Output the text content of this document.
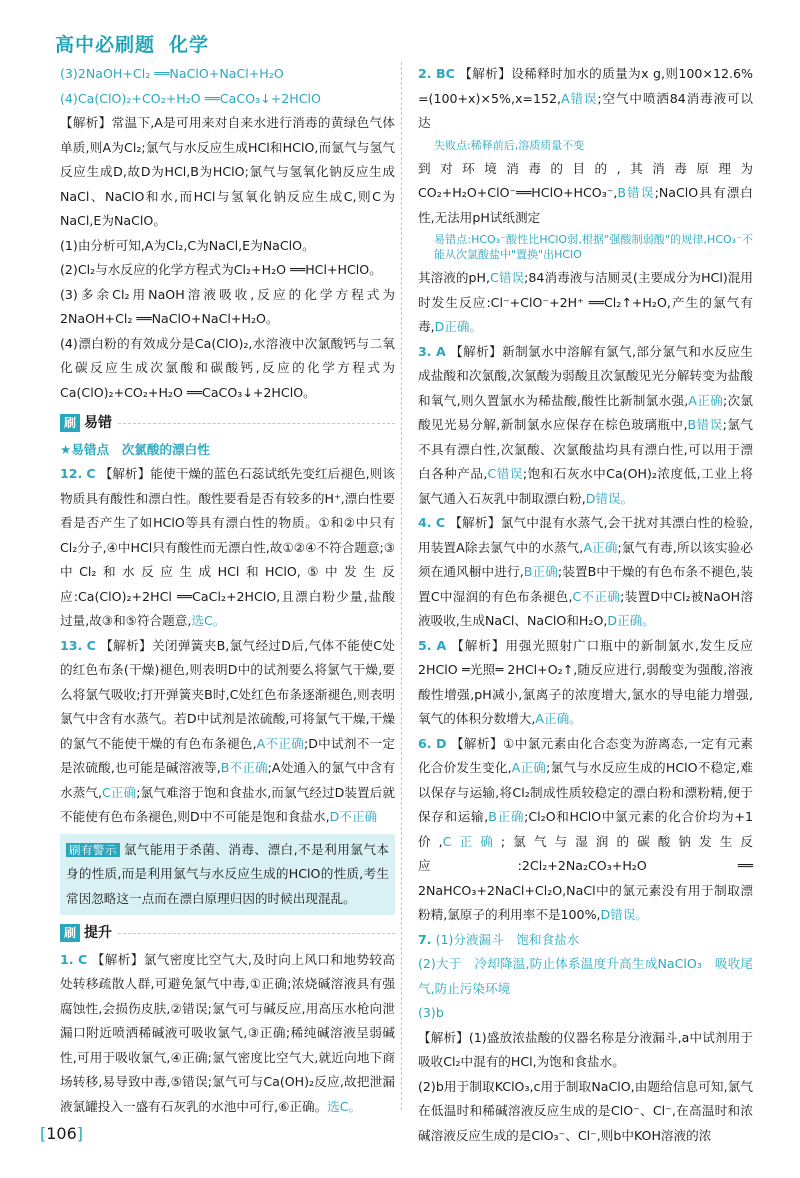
高中必刷题 化学

(3)2NaOH+Cl₂ ══NaClO+NaCl+H₂O

(4)Ca(ClO)₂+CO₂+H₂O ══CaCO₃↓+2HClO

【解析】常温下,A是可用来对自来水进行消毒的黄绿色气体单质,则A为Cl₂;氯气与水反应生成HCl和HClO,而氯气与氢气反应生成D,故D为HCl,B为HClO;氯气与氢氧化钠反应生成NaCl、NaClO和水,而HCl与氢氧化钠反应生成C,则C为NaCl,E为NaClO。

(1)由分析可知,A为Cl₂,C为NaCl,E为NaClO。

(2)Cl₂与水反应的化学方程式为Cl₂+H₂O ══HCl+HClO。

(3)多余Cl₂用NaOH溶液吸收,反应的化学方程式为2NaOH+Cl₂ ══NaClO+NaCl+H₂O。

(4)漂白粉的有效成分是Ca(ClO)₂,水溶液中次氯酸钙与二氧化碳反应生成次氯酸和碳酸钙,反应的化学方程式为Ca(ClO)₂+CO₂+H₂O ══CaCO₃↓+2HClO。

刷 易错

★易错点　次氯酸的漂白性

12. C 【解析】能使干燥的蓝色石蕊试纸先变红后褪色,则该物质具有酸性和漂白性。酸性要看是否有较多的H⁺,漂白性要看是否产生了如HClO等具有漂白性的物质。①和②中只有Cl₂分子,④中HCl只有酸性而无漂白性,故①②④不符合题意;③中Cl₂和水反应生成HCl和HClO,⑤中发生反应:Ca(ClO)₂+2HCl ══CaCl₂+2HClO,且漂白粉少量,盐酸过量,故③和⑤符合题意,选C。

13. C 【解析】关闭弹簧夹B,氯气经过D后,气体不能使C处的红色布条(干燥)褪色,则表明D中的试剂要么将氯气干燥,要么将氯气吸收;打开弹簧夹B时,C处红色布条逐渐褪色,则表明氯气中含有水蒸气。若D中试剂是浓硫酸,可将氯气干燥,干燥的氯气不能使干燥的有色布条褪色,A不正确;D中试剂不一定是浓硫酸,也可能是碱溶液等,B不正确;A处通入的氯气中含有水蒸气,C正确;氯气难溶于饱和食盐水,而氯气经过D装置后就不能使有色布条褪色,则D中不可能是饱和食盐水,D不正确

刷有警示 氯气能用于杀菌、消毒、漂白,不是利用氯气本身的性质,而是利用氯气与水反应生成的HClO的性质,考生常因忽略这一点而在漂白原理归因的时候出现混乱。
刷 提升

1. C 【解析】氯气密度比空气大,及时向上风口和地势较高处转移疏散人群,可避免氯气中毒,①正确;浓烧碱溶液具有强腐蚀性,会损伤皮肤,②错误;氯气可与碱反应,用高压水枪向泄漏口附近喷洒稀碱液可吸收氯气,③正确;稀纯碱溶液呈弱碱性,可用于吸收氯气,④正确;氯气密度比空气大,就近向地下商场转移,易导致中毒,⑤错误;氯气可与Ca(OH)₂反应,故把泄漏液氯罐投入一盛有石灰乳的水池中可行,⑥正确。选C。

2. BC 【解析】设稀释时加水的质量为x g,则100×12.6% =(100+x)×5%,x=152,A错误;空气中喷洒84消毒液可以达

失败点:稀释前后,溶质质量不变

到对环境消毒的目的,其消毒原理为CO₂+H₂O+ClO⁻══HClO+HCO₃⁻,B错误;NaClO具有漂白性,无法用pH试纸测定

易错点:HCO₃⁻酸性比HClO弱,根据"强酸制弱酸"的规律,HCO₃⁻不能从次氯酸盐中"置换"出HClO

其溶液的pH,C错误;84消毒液与洁厕灵(主要成分为HCl)混用时发生反应:Cl⁻+ClO⁻+2H⁺ ══Cl₂↑+H₂O,产生的氯气有毒,D正确。

3. A 【解析】新制氯水中溶解有氯气,部分氯气和水反应生成盐酸和次氯酸,次氯酸为弱酸且次氯酸见光分解转变为盐酸和氧气,则久置氯水为稀盐酸,酸性比新制氯水强,A正确;次氯酸见光易分解,新制氯水应保存在棕色玻璃瓶中,B错误;氯气不具有漂白性,次氯酸、次氯酸盐均具有漂白性,可以用于漂白各种产品,C错误;饱和石灰水中Ca(OH)₂浓度低,工业上将氯气通入石灰乳中制取漂白粉,D错误。

4. C 【解析】氯气中混有水蒸气,会干扰对其漂白性的检验,用装置A除去氯气中的水蒸气,A正确;氯气有毒,所以该实验必须在通风橱中进行,B正确;装置B中干燥的有色布条不褪色,装置C中湿润的有色布条褪色,C不正确;装置D中Cl₂被NaOH溶液吸收,生成NaCl、NaClO和H₂O,D正确。

5. A 【解析】用强光照射广口瓶中的新制氯水,发生反应2HClO ═光照═ 2HCl+O₂↑,随反应进行,弱酸变为强酸,溶液酸性增强,pH减小,氯离子的浓度增大,氯水的导电能力增强,氧气的体积分数增大,A正确。

6. D 【解析】①中氯元素由化合态变为游离态,一定有元素化合价发生变化,A正确;氯气与水反应生成的HClO不稳定,难以保存与运输,将Cl₂制成性质较稳定的漂白粉和漂粉精,便于保存和运输,B正确;Cl₂O和HClO中氯元素的化合价均为+1价,C正确;氯气与湿润的碳酸钠发生反应:2Cl₂+2Na₂CO₃+H₂O ══ 2NaHCO₃+2NaCl+Cl₂O,NaCl中的氯元素没有用于制取漂粉精,氯原子的利用率不是100%,D错误。

7. (1)分液漏斗　饱和食盐水

(2)大于　冷却降温,防止体系温度升高生成NaClO₃　吸收尾气,防止污染环境

(3)b

【解析】(1)盛放浓盐酸的仪器名称是分液漏斗,a中试剂用于吸收Cl₂中混有的HCl,为饱和食盐水。

(2)b用于制取KClO₃,c用于制取NaClO,由题给信息可知,氯气在低温时和稀碱溶液反应生成的是ClO⁻、Cl⁻,在高温时和浓碱溶液反应生成的是ClO₃⁻、Cl⁻,则b中KOH溶液的浓

[106]
